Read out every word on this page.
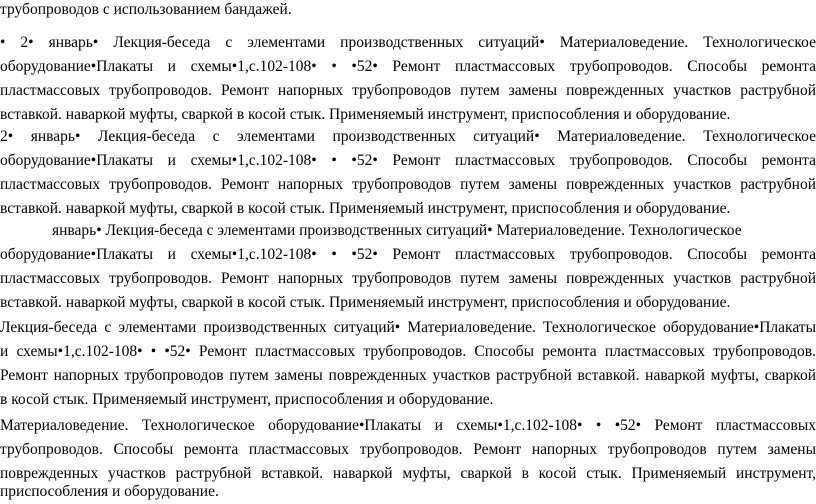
трубопроводов с использованием бандажей.
• 2• январь• Лекция-беседа с элементами производственных ситуаций• Материаловедение. Технологическое
оборудование•Плакаты и схемы•1,с.102-108• • •52• Ремонт пластмассовых трубопроводов. Способы ремонта
пластмассовых трубопроводов. Ремонт напорных трубопроводов путем замены поврежденных участков раструбной
вставкой. наваркой муфты, сваркой в косой стык. Применяемый инструмент, приспособления и оборудование.
2• январь• Лекция-беседа с элементами производственных ситуаций• Материаловедение. Технологическое
оборудование•Плакаты и схемы•1,с.102-108• • •52• Ремонт пластмассовых трубопроводов. Способы ремонта
пластмассовых трубопроводов. Ремонт напорных трубопроводов путем замены поврежденных участков раструбной
вставкой. наваркой муфты, сваркой в косой стык. Применяемый инструмент, приспособления и оборудование.
январь• Лекция-беседа с элементами производственных ситуаций• Материаловедение. Технологическое
оборудование•Плакаты и схемы•1,с.102-108• • •52• Ремонт пластмассовых трубопроводов. Способы ремонта
пластмассовых трубопроводов. Ремонт напорных трубопроводов путем замены поврежденных участков раструбной
вставкой. наваркой муфты, сваркой в косой стык. Применяемый инструмент, приспособления и оборудование.
Лекция-беседа с элементами производственных ситуаций• Материаловедение. Технологическое оборудование•Плакаты
и схемы•1,с.102-108• • •52• Ремонт пластмассовых трубопроводов. Способы ремонта пластмассовых трубопроводов.
Ремонт напорных трубопроводов путем замены поврежденных участков раструбной вставкой. наваркой муфты, сваркой
в косой стык. Применяемый инструмент, приспособления и оборудование.
Материаловедение. Технологическое оборудование•Плакаты и схемы•1,с.102-108• • •52• Ремонт пластмассовых
трубопроводов. Способы ремонта пластмассовых трубопроводов. Ремонт напорных трубопроводов путем замены
поврежденных участков раструбной вставкой. наваркой муфты, сваркой в косой стык. Применяемый инструмент,
приспособления и оборудование.
